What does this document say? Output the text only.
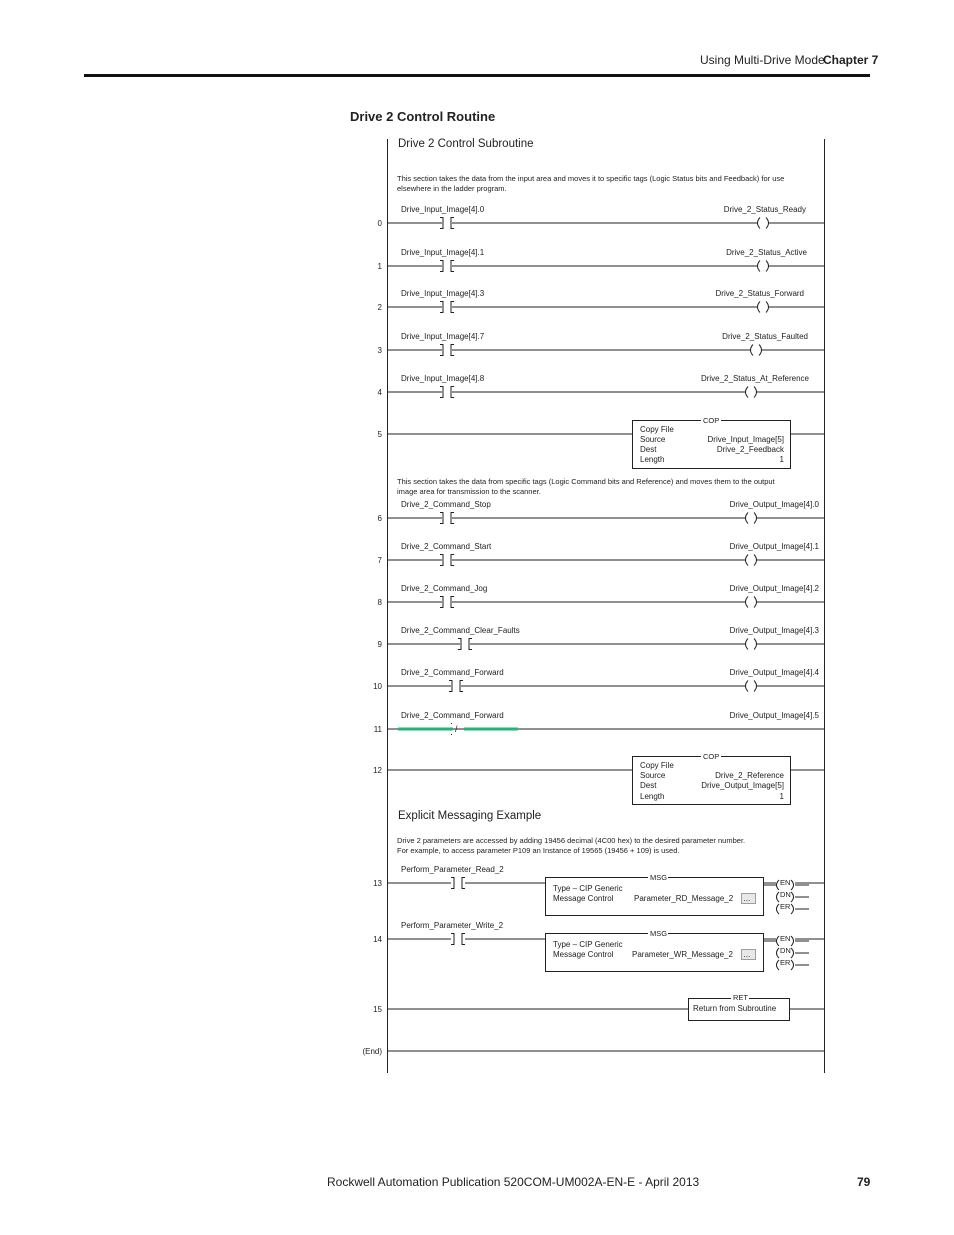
Using Multi-Drive Mode
Chapter 7
Drive 2 Control Routine
Drive 2 Control Subroutine
This section takes the data from the input area and moves it to specific tags (Logic Status bits and Feedback) for use
elsewhere in the ladder program.
This section takes the data from specific tags (Logic Command bits and Reference) and moves them to the output
image area for transmission to the scanner.
Explicit Messaging Example
Drive 2 parameters are accessed by adding 19456 decimal (4C00 hex) to the desired parameter number.
For example, to access parameter P109 an Instance of 19565 (19456 + 109) is used.
0
1
2
3
4
5
6
7
8
9
10
11
12
13
14
15
(End)
Drive_Input_Image[4].0
Drive_Input_Image[4].1
Drive_Input_Image[4].3
Drive_Input_Image[4].7
Drive_Input_Image[4].8
Drive_2_Command_Stop
Drive_2_Command_Start
Drive_2_Command_Jog
Drive_2_Command_Clear_Faults
Drive_2_Command_Forward
Drive_2_Command_Forward
Perform_Parameter_Read_2
Perform_Parameter_Write_2
Drive_2_Status_Ready
Drive_2_Status_Active
Drive_2_Status_Forward
Drive_2_Status_Faulted
Drive_2_Status_At_Reference
Drive_Output_Image[4].0
Drive_Output_Image[4].1
Drive_Output_Image[4].2
Drive_Output_Image[4].3
Drive_Output_Image[4].4
Drive_Output_Image[4].5
/
COP
Copy File
Source	Drive_Input_Image[5]
Dest	Drive_2_Feedback
Length	1
COP
Copy File
Source	Drive_2_Reference
Dest	Drive_Output_Image[5]
Length	1
MSG
Type – CIP Generic
Message Control	Parameter_RD_Message_2 ...
EN
DN
ER
MSG
Type – CIP Generic
Message Control Parameter_WR_Message_2 ...
EN
DN
ER
RET
Return from Subroutine
Rockwell Automation Publication 520COM-UM002A-EN-E - April 2013	79
